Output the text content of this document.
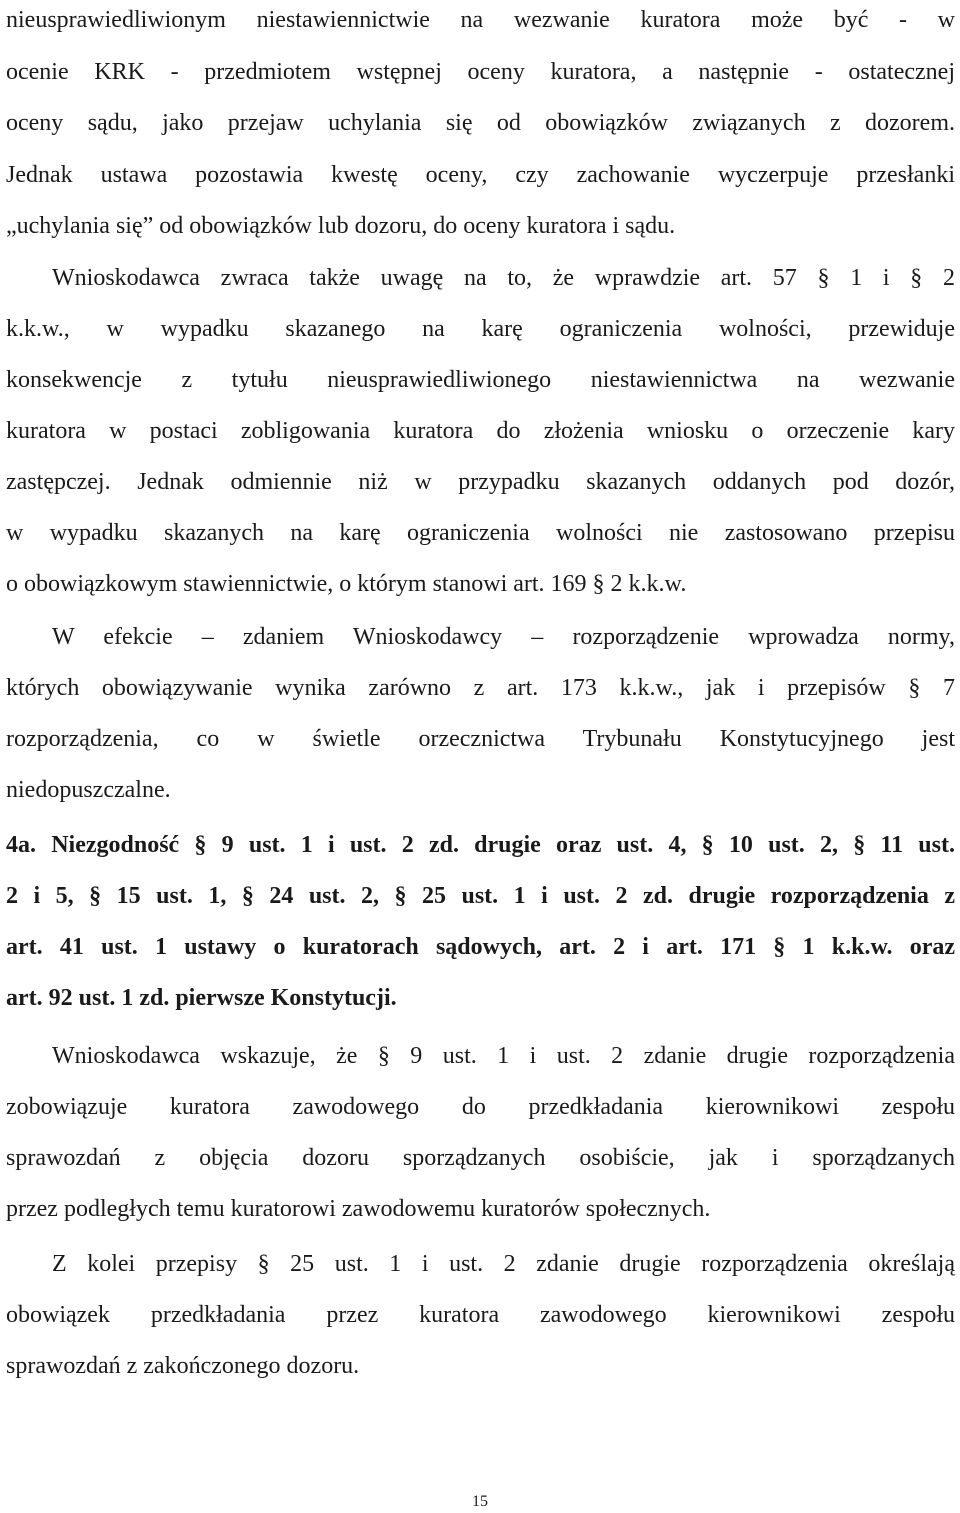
nieusprawiedliwionym niestawiennictwie na wezwanie kuratora może być - w
ocenie KRK - przedmiotem wstępnej oceny kuratora, a następnie - ostatecznej
oceny sądu, jako przejaw uchylania się od obowiązków związanych z dozorem.
Jednak ustawa pozostawia kwestę oceny, czy zachowanie wyczerpuje przesłanki
„uchylania się” od obowiązków lub dozoru, do oceny kuratora i sądu.
Wnioskodawca zwraca także uwagę na to, że wprawdzie art. 57 § 1 i § 2
k.k.w., w wypadku skazanego na karę ograniczenia wolności, przewiduje
konsekwencje z tytułu nieusprawiedliwionego niestawiennictwa na wezwanie
kuratora w postaci zobligowania kuratora do złożenia wniosku o orzeczenie kary
zastępczej. Jednak odmiennie niż w przypadku skazanych oddanych pod dozór,
w wypadku skazanych na karę ograniczenia wolności nie zastosowano przepisu
o obowiązkowym stawiennictwie, o którym stanowi art. 169 § 2 k.k.w.
W efekcie – zdaniem Wnioskodawcy – rozporządzenie wprowadza normy,
których obowiązywanie wynika zarówno z art. 173 k.k.w., jak i przepisów § 7
rozporządzenia, co w świetle orzecznictwa Trybunału Konstytucyjnego jest
niedopuszczalne.
4a. Niezgodność § 9 ust. 1 i ust. 2 zd. drugie oraz ust. 4, § 10 ust. 2, § 11 ust.
2 i 5, § 15 ust. 1, § 24 ust. 2, § 25 ust. 1 i ust. 2 zd. drugie rozporządzenia z
art. 41 ust. 1 ustawy o kuratorach sądowych, art. 2 i art. 171 § 1 k.k.w. oraz
art. 92 ust. 1 zd. pierwsze Konstytucji.
Wnioskodawca wskazuje, że § 9 ust. 1 i ust. 2 zdanie drugie rozporządzenia
zobowiązuje kuratora zawodowego do przedkładania kierownikowi zespołu
sprawozdań z objęcia dozoru sporządzanych osobiście, jak i sporządzanych
przez podległych temu kuratorowi zawodowemu kuratorów społecznych.
Z kolei przepisy § 25 ust. 1 i ust. 2 zdanie drugie rozporządzenia określają
obowiązek przedkładania przez kuratora zawodowego kierownikowi zespołu
sprawozdań z zakończonego dozoru.
15
